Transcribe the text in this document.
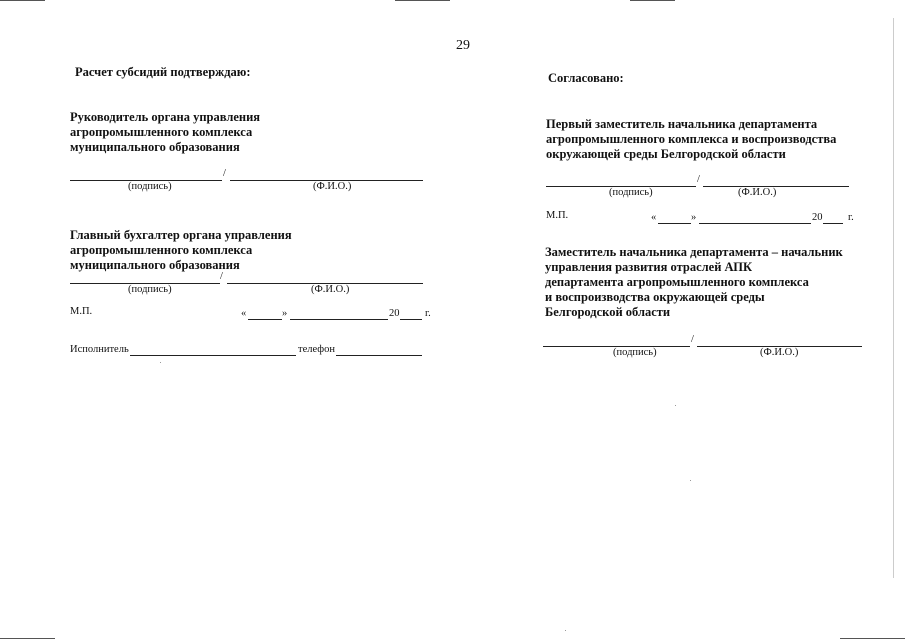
29
Расчет субсидий подтверждаю:
Руководитель органа управления
агропромышленного комплекса
муниципального образования
/
(подпись)	(Ф.И.О.)
Главный бухгалтер органа управления
агропромышленного комплекса
муниципального образования
/
(подпись)	(Ф.И.О.)
М.П.	«	»	20 г.
Исполнитель	телефон
Согласовано:
Первый заместитель начальника департамента
агропромышленного комплекса и воспроизводства
окружающей среды Белгородской области
/
(подпись)	(Ф.И.О.)
М.П.	«	»	20 г.
Заместитель начальника департамента – начальник
управления развития отраслей АПК
департамента агропромышленного комплекса
и воспроизводства окружающей среды
Белгородской области
/
(подпись)	(Ф.И.О.)
